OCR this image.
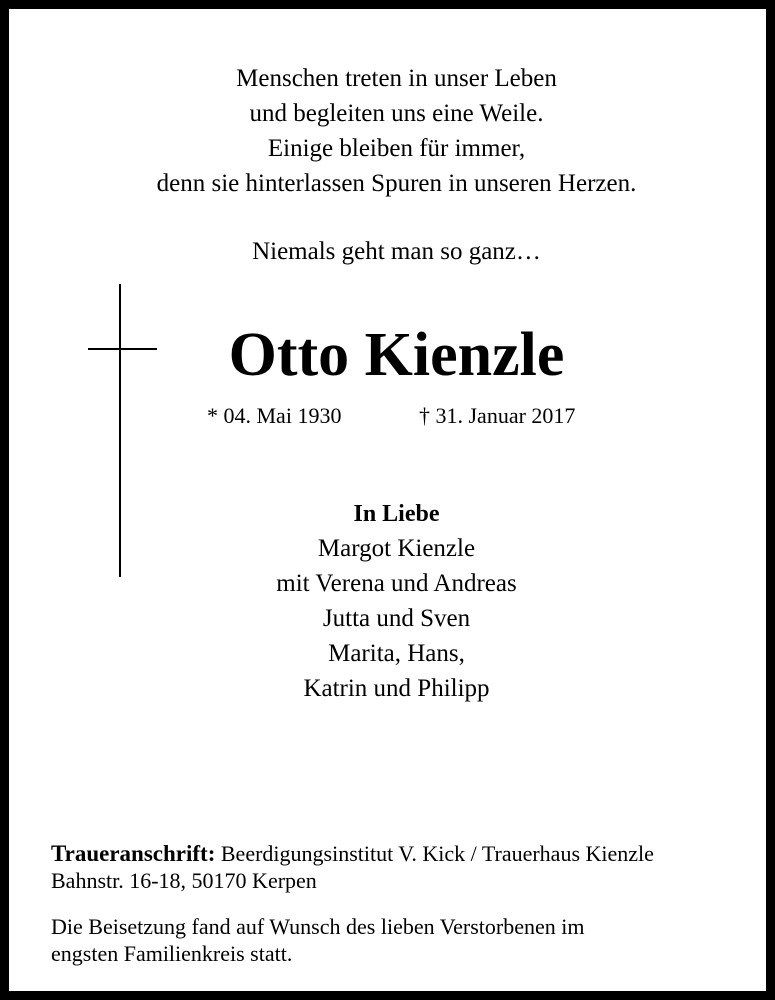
Menschen treten in unser Leben
und begleiten uns eine Weile.
Einige bleiben für immer,
denn sie hinterlassen Spuren in unseren Herzen.
Niemals geht man so ganz…
Otto Kienzle
* 04. Mai 1930	† 31. Januar 2017
In Liebe
Margot Kienzle
mit Verena und Andreas
Jutta und Sven
Marita, Hans,
Katrin und Philipp
Traueranschrift: Beerdigungsinstitut V. Kick / Trauerhaus Kienzle
Bahnstr. 16-18, 50170 Kerpen
Die Beisetzung fand auf Wunsch des lieben Verstorbenen im
engsten Familienkreis statt.
